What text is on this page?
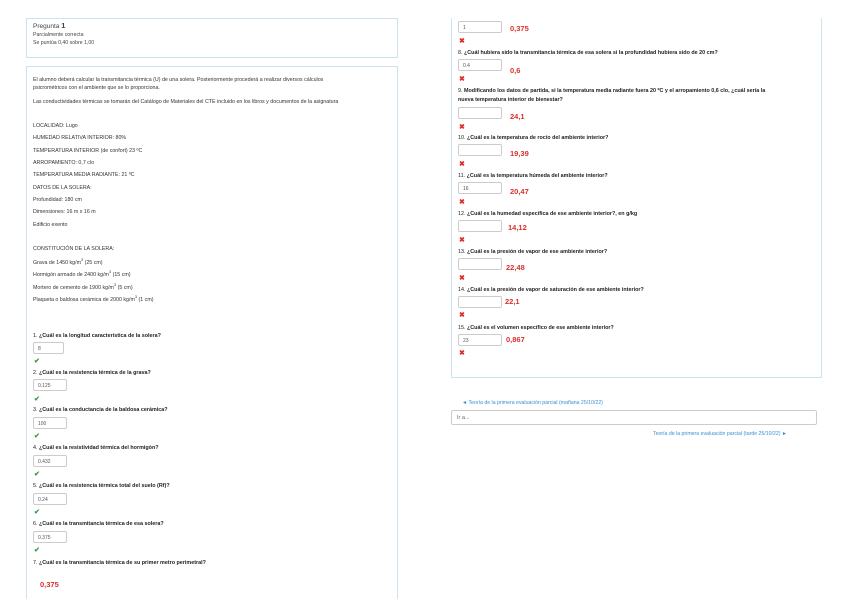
Pregunta 1
Parcialmente correcta
Se puntúa 0,40 sobre 1,00
El alumno deberá calcular la transmitancia térmica (U) de una solera. Posteriormente procederá a realizar diversos cálculos
psicrométricos con el ambiente que se lo proporciona.
Las conductividades térmicas se tomarán del Catálogo de Materiales del CTE incluido en los libros y documentos de la asignatura
LOCALIDAD: Lugo
HUMEDAD RELATIVA INTERIOR: 80%
TEMPERATURA INTERIOR (de confort) 23 ºC
ARROPAMIENTO: 0,7 clo
TEMPERATURA MEDIA RADIANTE: 21 ºC
DATOS DE LA SOLERA:
Profundidad: 180 cm
Dimensiones: 16 m x 16 m
Edificio exento
CONSTITUCIÓN DE LA SOLERA:
Grava de 1450 $kg/m^3$ (25 cm)
Hormigón armado de 2400 $kg/m^3$ (15 cm)
Mortero de cemento de 1900 $kg/m^3$ (5 cm)
Plaqueta o baldosa cerámica de 2000 $kg/m^3$ (1 cm)
1. ¿Cuál es la longitud característica de la solera?
8
✔
2. ¿Cuál es la resistencia térmica de la grava?
0.125
✔
3. ¿Cuál es la conductancia de la baldosa cerámica?
100
✔
4. ¿Cuál es la resistividad térmica del hormigón?
0.432
✔
5. ¿Cuál es la resistencia térmica total del suelo (Rf)?
0.24
✔
6. ¿Cuál es la transmitancia térmica de esa solera?
0.375
✔
7. ¿Cuál es la transmitancia térmica de su primer metro perimetral?
0,375
1	0,375
✖
8. ¿Cuál hubiera sido la transmitancia térmica de esa solera si la profundidad hubiera sido de 20 cm?
0.4	0,6
✖
9. Modificando los datos de partida, si la temperatura media radiante fuera 20 ºC y el arropamiento 0,6 clo, ¿cuál sería la
nueva temperatura interior de bienestar?
24,1
✖
10. ¿Cuál es la temperatura de rocío del ambiente interior?
19,39
✖
11. ¿Cuál es la temperatura húmeda del ambiente interior?
16	20,47
✖
12. ¿Cuál es la humedad específica de ese ambiente interior?, en g/kg
14,12
✖
13. ¿Cuál es la presión de vapor de ese ambiente interior?
22,48
✖
14. ¿Cuál es la presión de vapor de saturación de ese ambiente interior?
22,1
✖
15. ¿Cuál es el volumen específico de ese ambiente interior?
23	0,867
✖
◄ Teoría de la primera evaluación parcial (mañana 25/10/22)
Ir a...
Teoría de la primera evaluación parcial (tarde 25/10/22) ►
